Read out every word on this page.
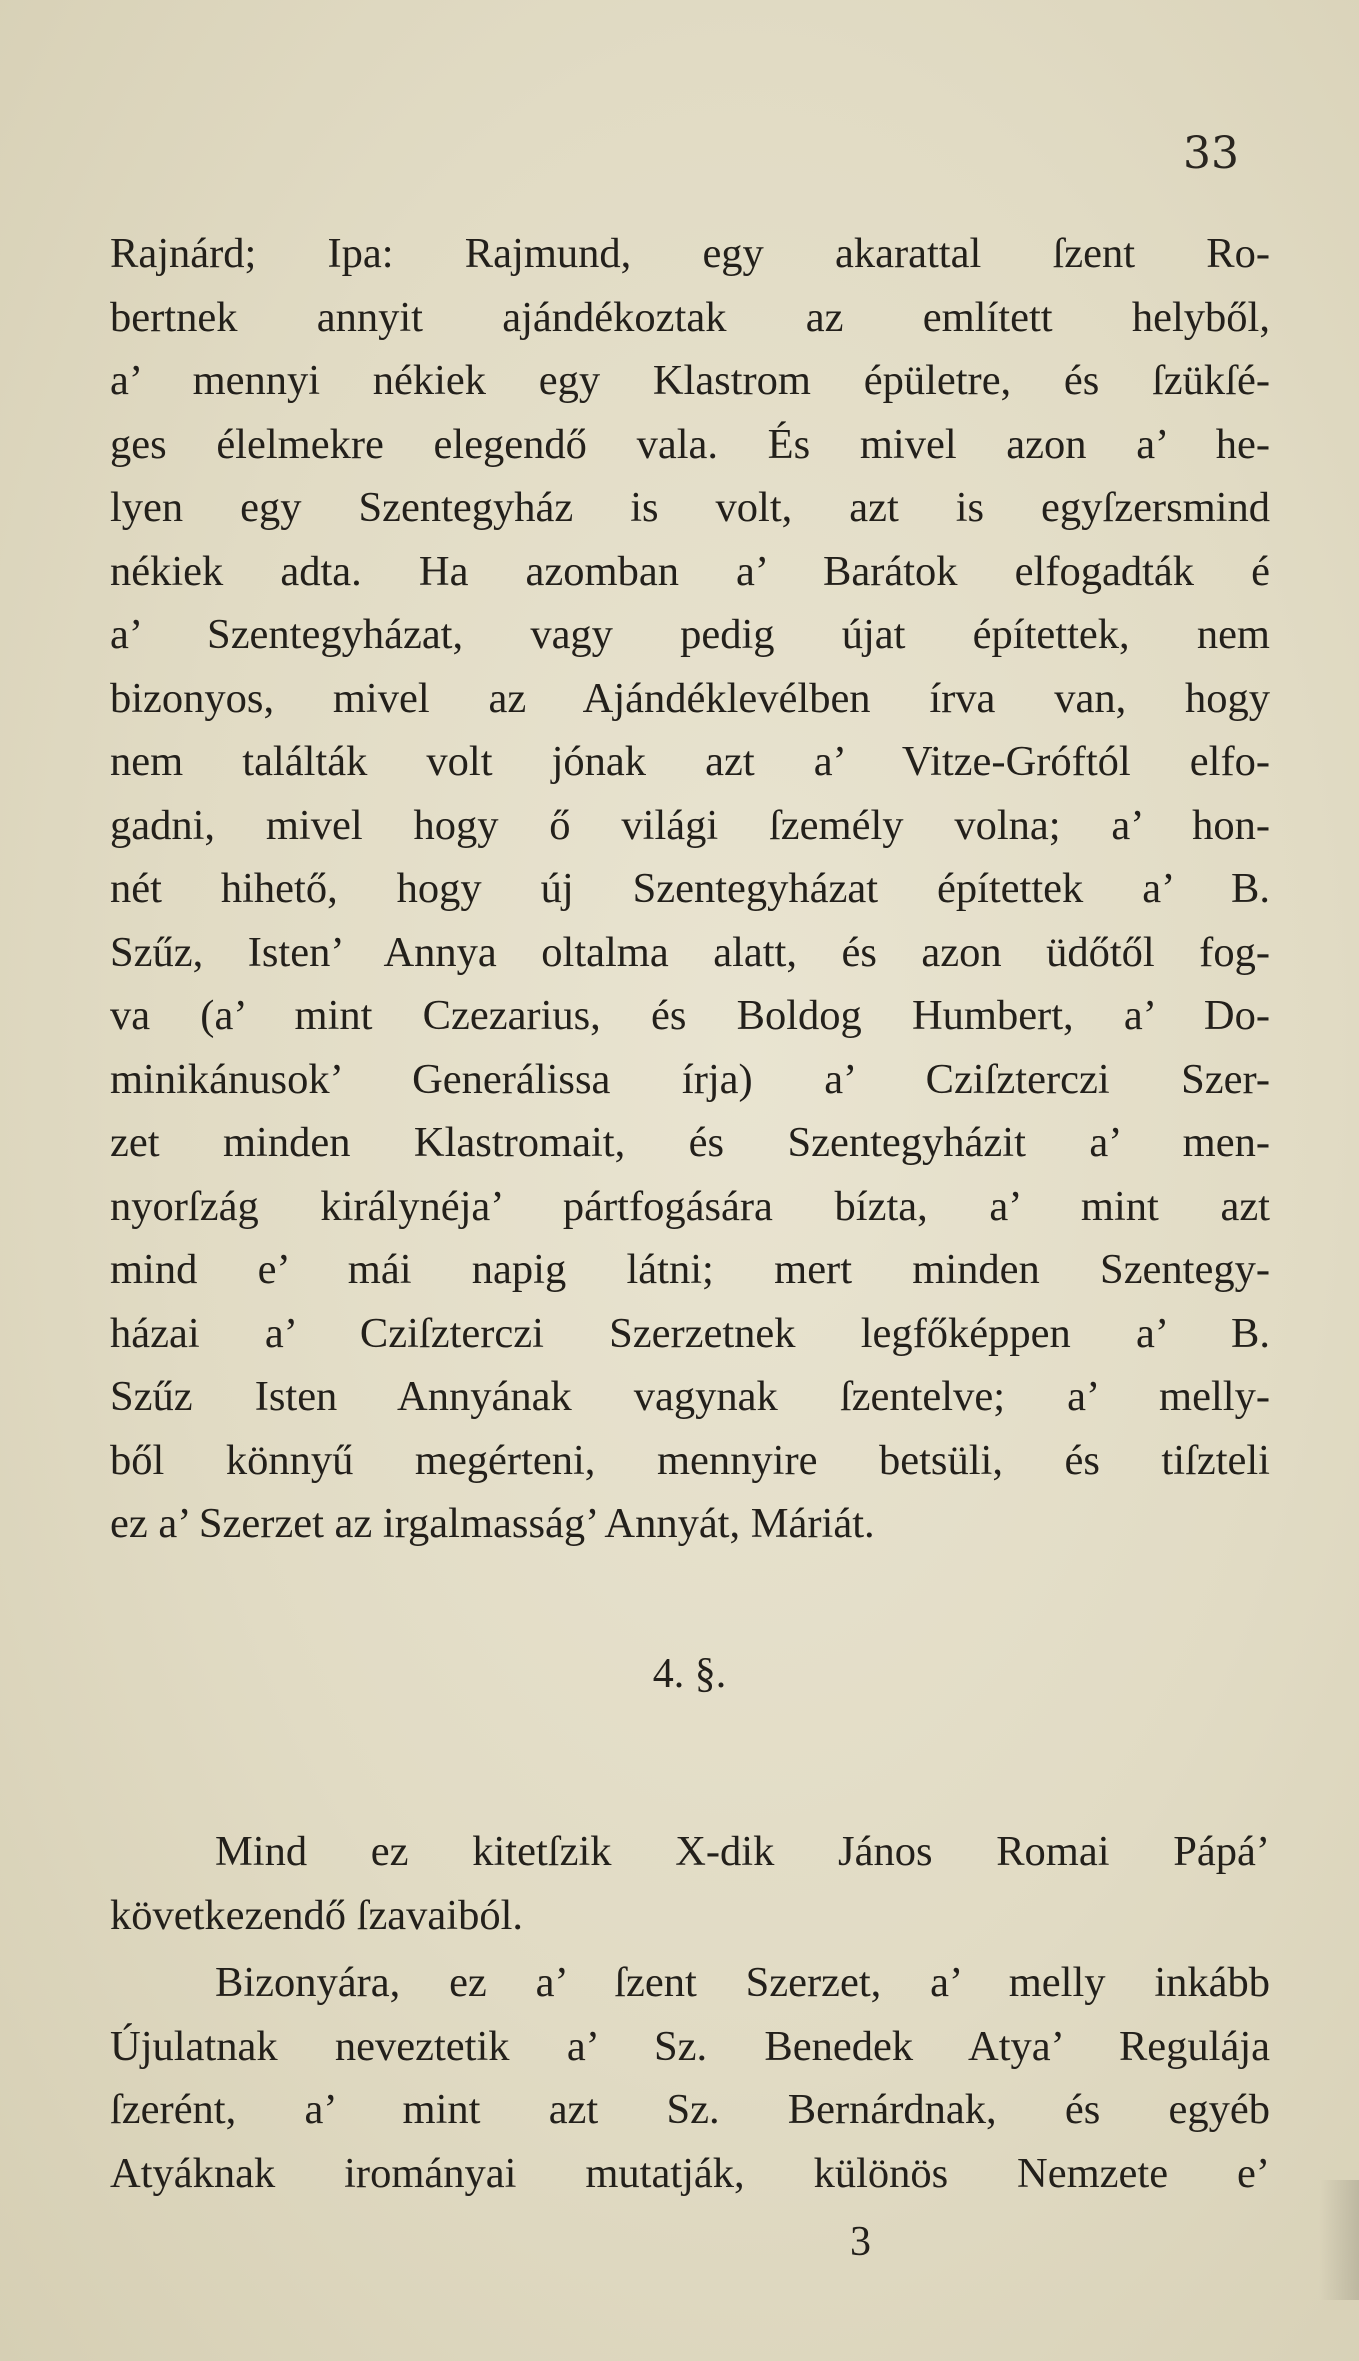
33
Rajnárd; Ipa: Rajmund, egy akarattal ſzent Ro-
bertnek annyit ajándékoztak az említett helyből,
a’ mennyi nékiek egy Klastrom épületre, és ſzükſé-
ges élelmekre elegendő vala. És mivel azon a’ he-
lyen egy Szentegyház is volt, azt is egyſzersmind
nékiek adta. Ha azomban a’ Barátok elfogadták é
a’ Szentegyházat, vagy pedig újat építettek, nem
bizonyos, mivel az Ajándéklevélben írva van, hogy
nem találták volt jónak azt a’ Vitze-Gróftól elfo-
gadni, mivel hogy ő világi ſzemély volna; a’ hon-
nét hihető, hogy új Szentegyházat építettek a’ B.
Szűz, Isten’ Annya oltalma alatt, és azon üdőtől fog-
va (a’ mint Czezarius, és Boldog Humbert, a’ Do-
minikánusok’ Generálissa írja) a’ Cziſzterczi Szer-
zet minden Klastromait, és Szentegyházit a’ men-
nyorſzág királynéja’ pártfogására bízta, a’ mint azt
mind e’ mái napig látni; mert minden Szentegy-
házai a’ Cziſzterczi Szerzetnek legfőképpen a’ B.
Szűz Isten Annyának vagynak ſzentelve; a’ melly-
ből könnyű megérteni, mennyire betsüli, és tiſzteli
ez a’ Szerzet az irgalmasság’ Annyát, Máriát.
4. §.
Mind ez kitetſzik X-dik János Romai Pápá’
következendő ſzavaiból.
Bizonyára, ez a’ ſzent Szerzet, a’ melly inkább
Újulatnak neveztetik a’ Sz. Benedek Atya’ Regulája
ſzerént, a’ mint azt Sz. Bernárdnak, és egyéb
Atyáknak irományai mutatják, különös Nemzete e’
3
